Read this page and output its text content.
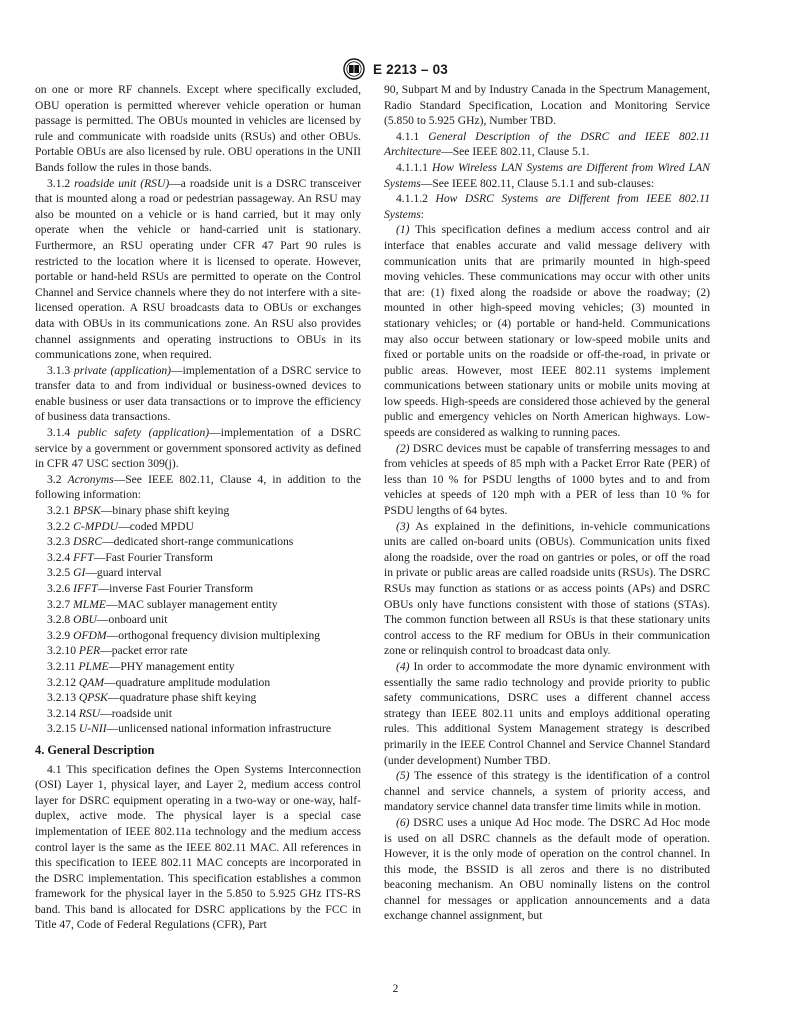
E 2213 – 03

on one or more RF channels. Except where specifically excluded, OBU operation is permitted wherever vehicle operation or human passage is permitted. The OBUs mounted in vehicles are licensed by rule and communicate with roadside units (RSUs) and other OBUs. Portable OBUs are also licensed by rule. OBU operations in the UNII Bands follow the rules in those bands.

3.1.2 roadside unit (RSU)—a roadside unit is a DSRC transceiver that is mounted along a road or pedestrian passageway. An RSU may also be mounted on a vehicle or is hand carried, but it may only operate when the vehicle or hand-carried unit is stationary. Furthermore, an RSU operating under CFR 47 Part 90 rules is restricted to the location where it is licensed to operate. However, portable or hand-held RSUs are permitted to operate on the Control Channel and Service channels where they do not interfere with a site-licensed operation. A RSU broadcasts data to OBUs or exchanges data with OBUs in its communications zone. An RSU also provides channel assignments and operating instructions to OBUs in its communications zone, when required.

3.1.3 private (application)—implementation of a DSRC service to transfer data to and from individual or business-owned devices to enable business or user data transactions or to improve the efficiency of business data transactions.

3.1.4 public safety (application)—implementation of a DSRC service by a government or government sponsored activity as defined in CFR 47 USC section 309(j).

3.2 Acronyms—See IEEE 802.11, Clause 4, in addition to the following information:

3.2.1 BPSK—binary phase shift keying

3.2.2 C-MPDU—coded MPDU

3.2.3 DSRC—dedicated short-range communications

3.2.4 FFT—Fast Fourier Transform

3.2.5 GI—guard interval

3.2.6 IFFT—inverse Fast Fourier Transform

3.2.7 MLME—MAC sublayer management entity

3.2.8 OBU—onboard unit

3.2.9 OFDM—orthogonal frequency division multiplexing

3.2.10 PER—packet error rate

3.2.11 PLME—PHY management entity

3.2.12 QAM—quadrature amplitude modulation

3.2.13 QPSK—quadrature phase shift keying

3.2.14 RSU—roadside unit

3.2.15 U-NII—unlicensed national information infrastructure

4. General Description

4.1 This specification defines the Open Systems Interconnection (OSI) Layer 1, physical layer, and Layer 2, medium access control layer for DSRC equipment operating in a two-way or one-way, half-duplex, active mode. The physical layer is a special case implementation of IEEE 802.11a technology and the medium access control layer is the same as the IEEE 802.11 MAC. All references in this specification to IEEE 802.11 MAC concepts are incorporated in the DSRC implementation. This specification establishes a common framework for the physical layer in the 5.850 to 5.925 GHz ITS-RS band. This band is allocated for DSRC applications by the FCC in Title 47, Code of Federal Regulations (CFR), Part

90, Subpart M and by Industry Canada in the Spectrum Management, Radio Standard Specification, Location and Monitoring Service (5.850 to 5.925 GHz), Number TBD.

4.1.1 General Description of the DSRC and IEEE 802.11 Architecture—See IEEE 802.11, Clause 5.1.

4.1.1.1 How Wireless LAN Systems are Different from Wired LAN Systems—See IEEE 802.11, Clause 5.1.1 and sub-clauses:

4.1.1.2 How DSRC Systems are Different from IEEE 802.11 Systems:

(1) This specification defines a medium access control and air interface that enables accurate and valid message delivery with communication units that are primarily mounted in high-speed moving vehicles. These communications may occur with other units that are: (1) fixed along the roadside or above the roadway; (2) mounted in other high-speed moving vehicles; (3) mounted in stationary vehicles; or (4) portable or hand-held. Communications may also occur between stationary or low-speed mobile units and fixed or portable units on the roadside or off-the-road, in private or public areas. However, most IEEE 802.11 systems implement communications between stationary units or mobile units moving at low speeds. High-speeds are considered those achieved by the general public and emergency vehicles on North American highways. Low-speeds are considered as walking to running paces.

(2) DSRC devices must be capable of transferring messages to and from vehicles at speeds of 85 mph with a Packet Error Rate (PER) of less than 10 % for PSDU lengths of 1000 bytes and to and from vehicles at speeds of 120 mph with a PER of less than 10 % for PSDU lengths of 64 bytes.

(3) As explained in the definitions, in-vehicle communications units are called on-board units (OBUs). Communication units fixed along the roadside, over the road on gantries or poles, or off the road in private or public areas are called roadside units (RSUs). The DSRC RSUs may function as stations or as access points (APs) and DSRC OBUs only have functions consistent with those of stations (STAs). The common function between all RSUs is that these stationary units control access to the RF medium for OBUs in their communication zone or relinquish control to broadcast data only.

(4) In order to accommodate the more dynamic environment with essentially the same radio technology and provide priority to public safety communications, DSRC uses a different channel access strategy than IEEE 802.11 units and employs additional operating rules. This additional System Management strategy is described primarily in the IEEE Control Channel and Service Channel Standard (under development) Number TBD.

(5) The essence of this strategy is the identification of a control channel and service channels, a system of priority access, and mandatory service channel data transfer time limits while in motion.

(6) DSRC uses a unique Ad Hoc mode. The DSRC Ad Hoc mode is used on all DSRC channels as the default mode of operation. However, it is the only mode of operation on the control channel. In this mode, the BSSID is all zeros and there is no distributed beaconing mechanism. An OBU nominally listens on the control channel for messages or application announcements and a data exchange channel assignment, but

2
